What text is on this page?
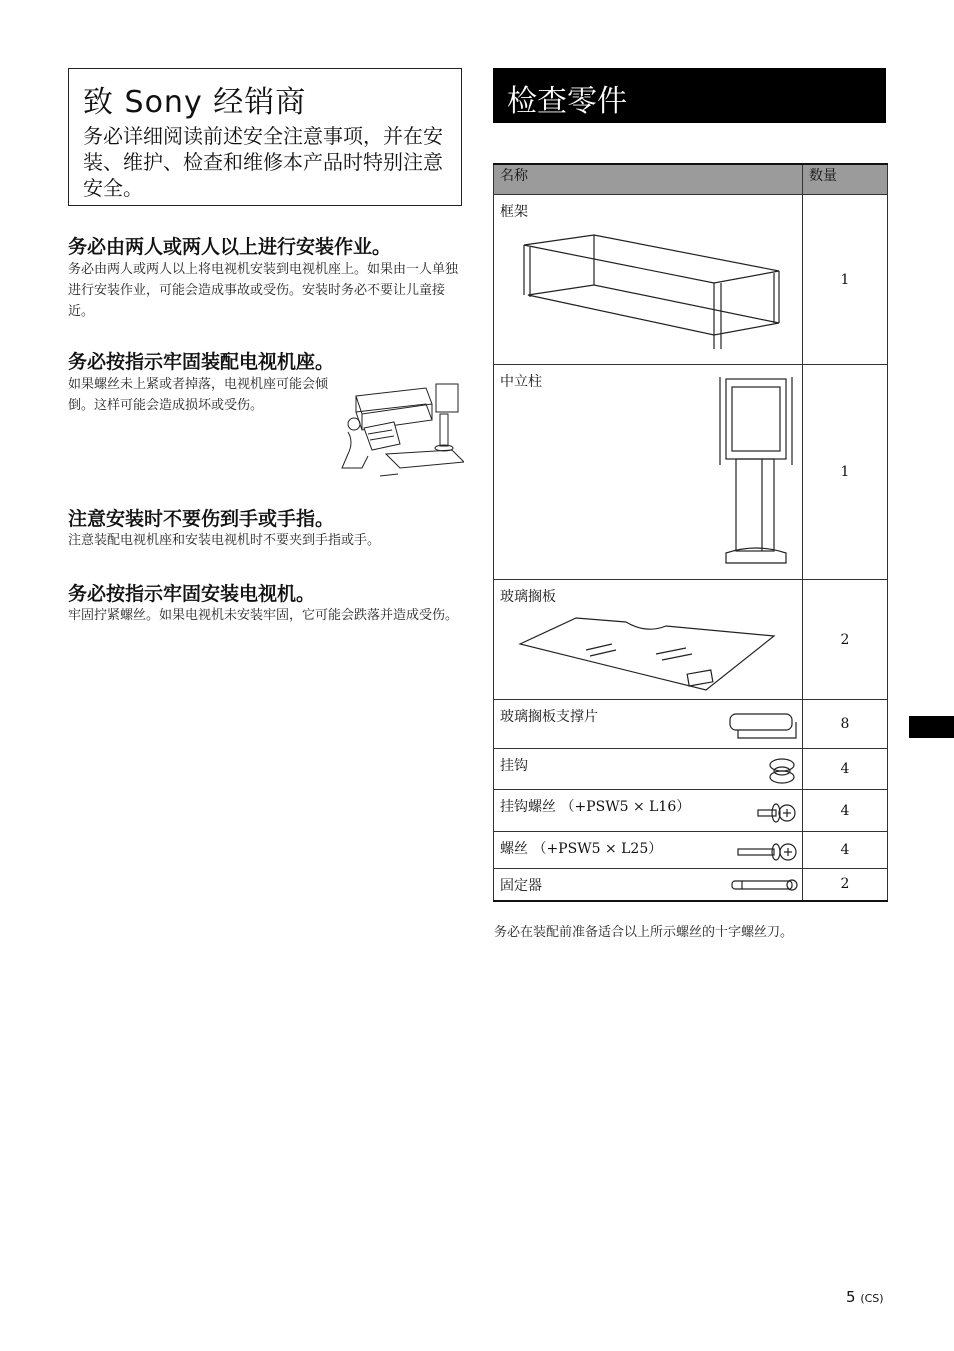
致 Sony 经销商
务必详细阅读前述安全注意事项，并在安装、维护、检查和维修本产品时特别注意安全。
务必由两人或两人以上进行安装作业。
务必由两人或两人以上将电视机安装到电视机座上。如果由一人单独进行安装作业，可能会造成事故或受伤。安装时务必不要让儿童接近。
务必按指示牢固装配电视机座。
如果螺丝未上紧或者掉落，电视机座可能会倾倒。这样可能会造成损坏或受伤。
注意安装时不要伤到手或手指。
注意装配电视机座和安装电视机时不要夹到手指或手。
务必按指示牢固安装电视机。
牢固拧紧螺丝。如果电视机未安装牢固，它可能会跌落并造成受伤。
检查零件
名称	数量

框架	1

中立柱	1

玻璃搁板	2

玻璃搁板支撑片	8

挂钩	4

挂钩螺丝 （+PSW5 × L16）	4

螺丝 （+PSW5 × L25）	4

固定器	2
务必在装配前准备适合以上所示螺丝的十字螺丝刀。
5 (CS)
